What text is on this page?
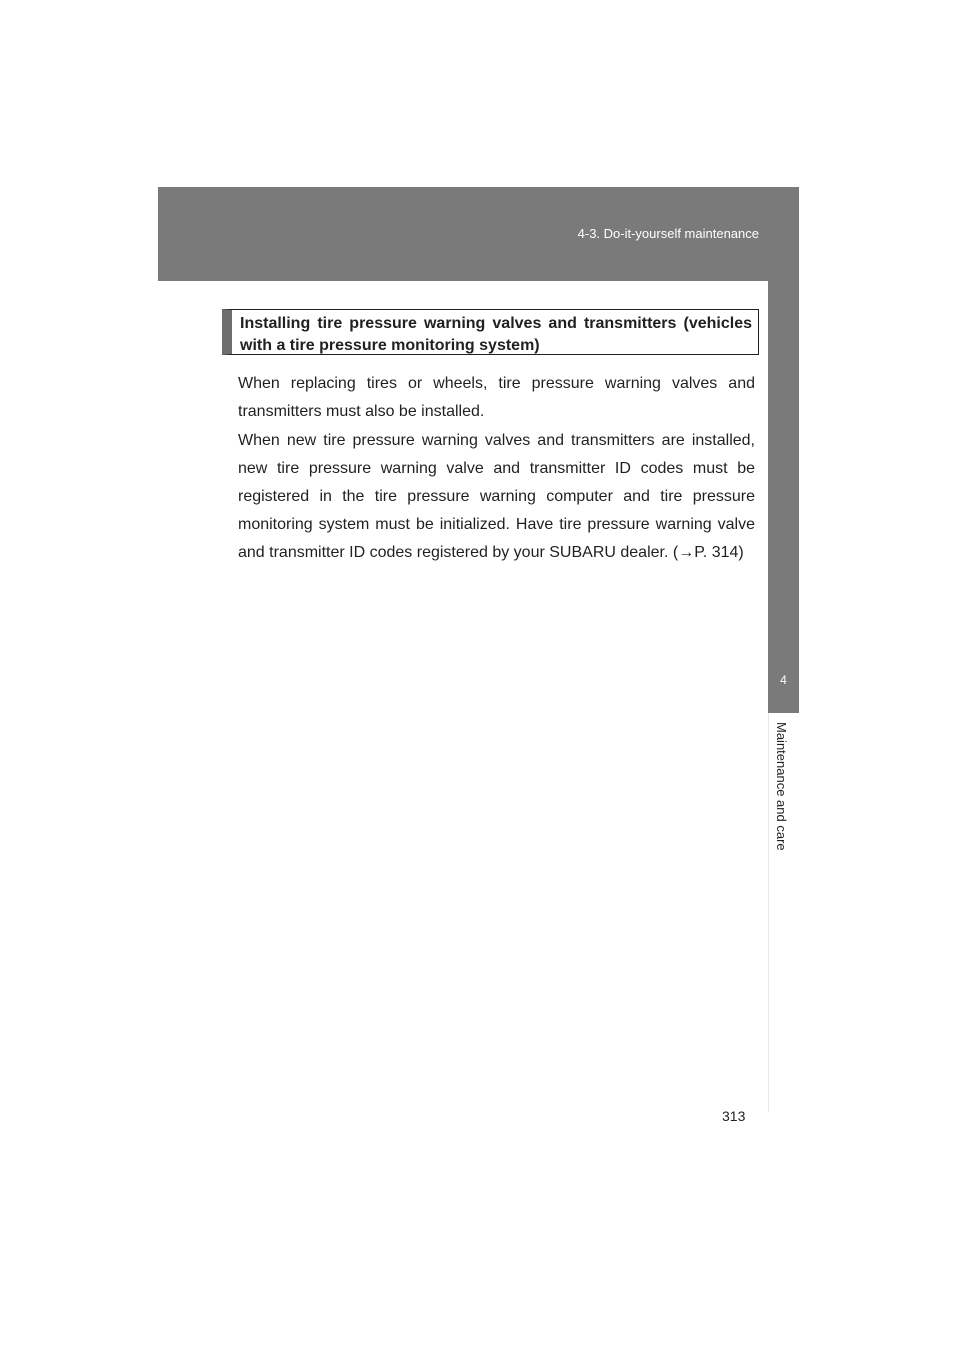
4-3. Do-it-yourself maintenance
4
Maintenance and care
Installing tire pressure warning valves and transmitters (vehicles with a tire pressure monitoring system)

When replacing tires or wheels, tire pressure warning valves and transmitters must also be installed.

When new tire pressure warning valves and transmitters are installed, new tire pressure warning valve and transmitter ID codes must be registered in the tire pressure warning computer and tire pressure monitoring system must be initialized. Have tire pressure warning valve and transmitter ID codes registered by your SUBARU dealer. (→P. 314)

313
